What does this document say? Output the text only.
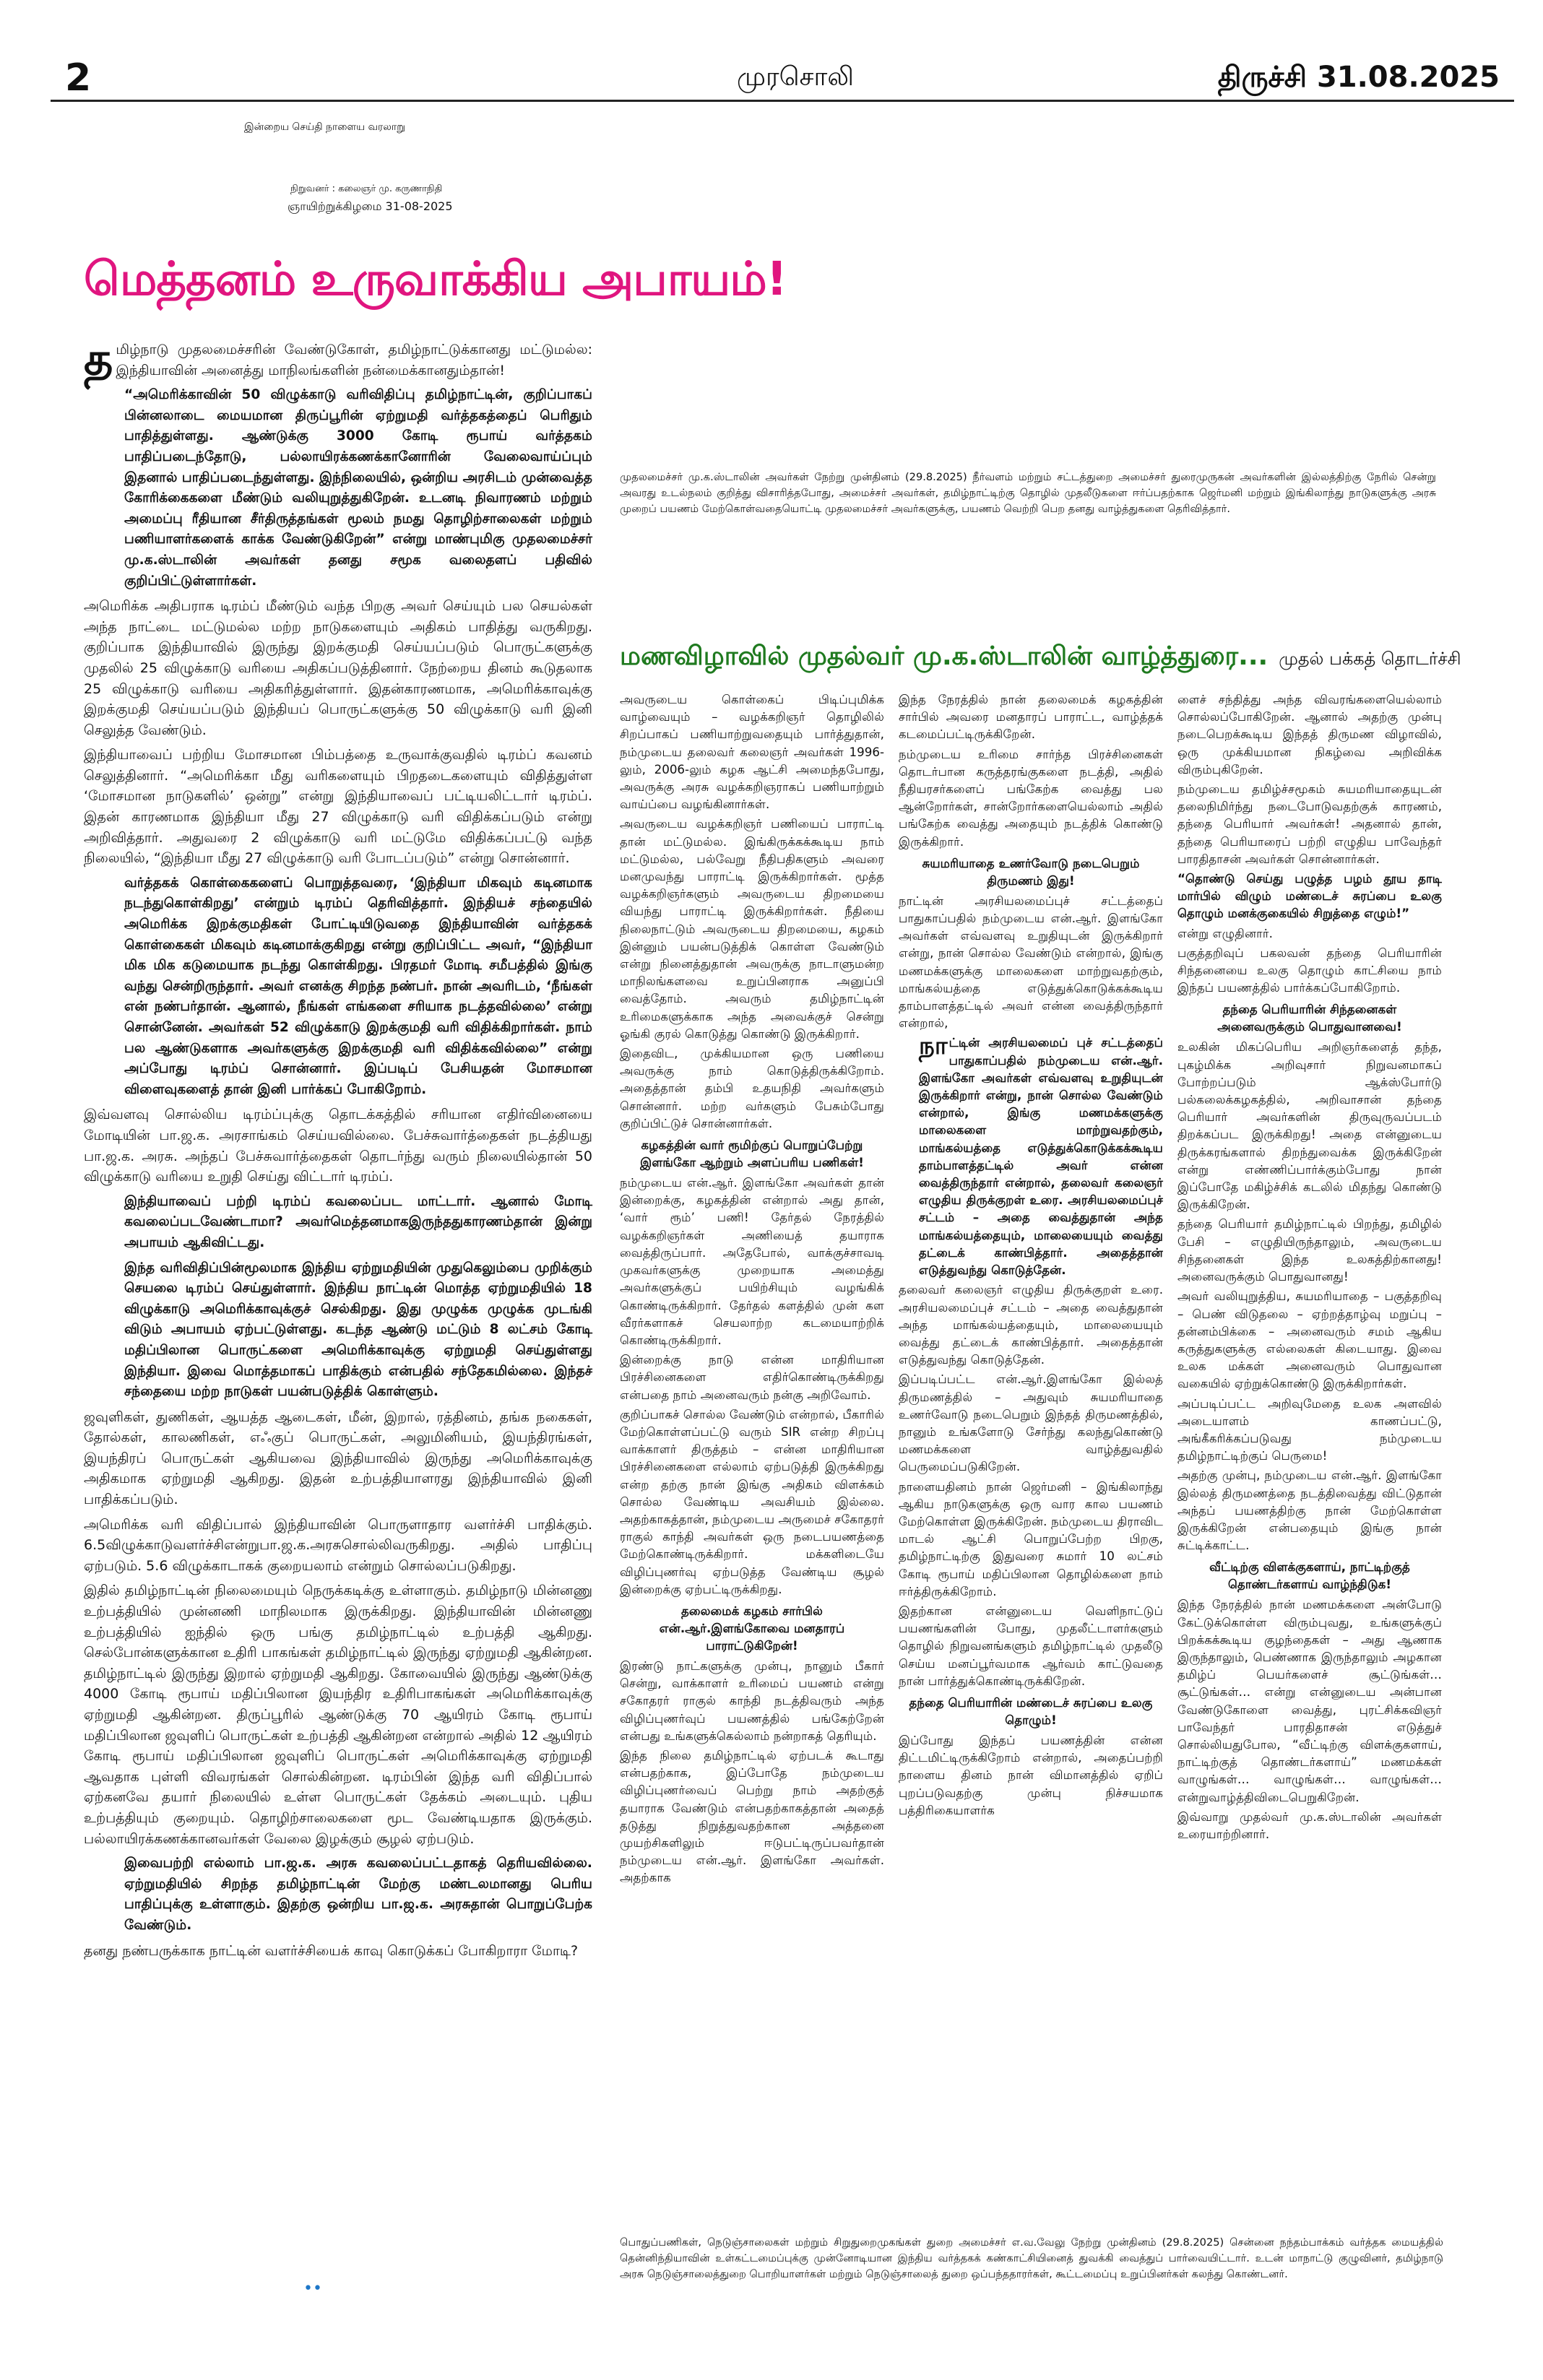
2	முரசொலி	திருச்சி 31.08.2025
இன்றைய செய்தி நாளைய வரலாறு
நிறுவனர் : கலைஞர் மு. கருணாநிதி
ஞாயிற்றுக்கிழமை 31-08-2025
மெத்தனம் உருவாக்கிய அபாயம்!

தமிழ்நாடு முதலமைச்சரின் வேண்டுகோள், தமிழ்நாட்டுக்கானது மட்டுமல்ல: இந்தியாவின் அனைத்து மாநிலங்களின் நன்மைக்கானதும்தான்!

“அமெரிக்காவின் 50 விழுக்காடு வரிவிதிப்பு தமிழ்நாட்டின், குறிப்பாகப் பின்னலாடை மையமான திருப்பூரின் ஏற்றுமதி வர்த்தகத்தைப் பெரிதும் பாதித்துள்ளது. ஆண்டுக்கு 3000 கோடி ரூபாய் வர்த்தகம் பாதிப்படைந்தோடு, பல்லாயிரக்கணக்கானோரின் வேலைவாய்ப்பும் இதனால் பாதிப்படைந்துள்ளது. இந்நிலையில், ஒன்றிய அரசிடம் முன்வைத்த கோரிக்கைகளை மீண்டும் வலியுறுத்துகிறேன். உடனடி நிவாரணம் மற்றும் அமைப்பு ரீதியான சீர்திருத்தங்கள் மூலம் நமது தொழிற்சாலைகள் மற்றும் பணியாளர்களைக் காக்க வேண்டுகிறேன்” என்று மாண்புமிகு முதலமைச்சர் மு.க.ஸ்டாலின் அவர்கள் தனது சமூக வலைதளப் பதிவில் குறிப்பிட்டுள்ளார்கள்.

அமெரிக்க அதிபராக டிரம்ப் மீண்டும் வந்த பிறகு அவர் செய்யும் பல செயல்கள் அந்த நாட்டை மட்டுமல்ல மற்ற நாடுகளையும் அதிகம் பாதித்து வருகிறது. குறிப்பாக இந்தியாவில் இருந்து இறக்குமதி செய்யப்படும் பொருட்களுக்கு முதலில் 25 விழுக்காடு வரியை அதிகப்படுத்தினார். நேற்றைய தினம் கூடுதலாக 25 விழுக்காடு வரியை அதிகரித்துள்ளார். இதன்காரணமாக, அமெரிக்காவுக்கு இறக்குமதி செய்யப்படும் இந்தியப் பொருட்களுக்கு 50 விழுக்காடு வரி இனி செலுத்த வேண்டும்.

இந்தியாவைப் பற்றிய மோசமான பிம்பத்தை உருவாக்குவதில் டிரம்ப் கவனம் செலுத்தினார். “அமெரிக்கா மீது வரிகளையும் பிறதடைகளையும் விதித்துள்ள ‘மோசமான நாடுகளில்’ ஒன்று” என்று இந்தியாவைப் பட்டியலிட்டார் டிரம்ப். இதன் காரணமாக இந்தியா மீது 27 விழுக்காடு வரி விதிக்கப்படும் என்று அறிவித்தார். அதுவரை 2 விழுக்காடு வரி மட்டுமே விதிக்கப்பட்டு வந்த நிலையில், “இந்தியா மீது 27 விழுக்காடு வரி போடப்படும்” என்று சொன்னார்.

வர்த்தகக் கொள்கைகளைப் பொறுத்தவரை, ‘இந்தியா மிகவும் கடினமாக நடந்துகொள்கிறது’ என்றும் டிரம்ப் தெரிவித்தார். இந்தியச் சந்தையில் அமெரிக்க இறக்குமதிகள் போட்டியிடுவதை இந்தியாவின் வர்த்தகக் கொள்கைகள் மிகவும் கடினமாக்குகிறது என்று குறிப்பிட்ட அவர், “இந்தியா மிக மிக கடுமையாக நடந்து கொள்கிறது. பிரதமர் மோடி சமீபத்தில் இங்கு வந்து சென்றிருந்தார். அவர் எனக்கு சிறந்த நண்பர். நான் அவரிடம், ‘நீங்கள் என் நண்பர்தான். ஆனால், நீங்கள் எங்களை சரியாக நடத்தவில்லை’ என்று சொன்னேன். அவர்கள் 52 விழுக்காடு இறக்குமதி வரி விதிக்கிறார்கள். நாம் பல ஆண்டுகளாக அவர்களுக்கு இறக்குமதி வரி விதிக்கவில்லை” என்று அப்போது டிரம்ப் சொன்னார். இப்படிப் பேசியதன் மோசமான விளைவுகளைத் தான் இனி பார்க்கப் போகிறோம்.

இவ்வளவு சொல்லிய டிரம்ப்புக்கு தொடக்கத்தில் சரியான எதிர்வினையை மோடியின் பா.ஜ.க. அரசாங்கம் செய்யவில்லை. பேச்சுவார்த்தைகள் நடத்தியது பா.ஜ.க. அரசு. அந்தப் பேச்சுவார்த்தைகள் தொடர்ந்து வரும் நிலையில்தான் 50 விழுக்காடு வரியை உறுதி செய்து விட்டார் டிரம்ப்.

இந்தியாவைப் பற்றி டிரம்ப் கவலைப்பட மாட்டார். ஆனால் மோடி கவலைப்படவேண்டாமா? அவர்மெத்தனமாகஇருந்ததுகாரணம்தான் இன்று அபாயம் ஆகிவிட்டது.

இந்த வரிவிதிப்பின்மூலமாக இந்திய ஏற்றுமதியின் முதுகெலும்பை முறிக்கும் செயலை டிரம்ப் செய்துள்ளார். இந்திய நாட்டின் மொத்த ஏற்றுமதியில் 18 விழுக்காடு அமெரிக்காவுக்குச் செல்கிறது. இது முழுக்க முழுக்க முடங்கி விடும் அபாயம் ஏற்பட்டுள்ளது. கடந்த ஆண்டு மட்டும் 8 லட்சம் கோடி மதிப்பிலான பொருட்களை அமெரிக்காவுக்கு ஏற்றுமதி செய்துள்ளது இந்தியா. இவை மொத்தமாகப் பாதிக்கும் என்பதில் சந்தேகமில்லை. இந்தச் சந்தையை மற்ற நாடுகள் பயன்படுத்திக் கொள்ளும்.

ஜவுளிகள், துணிகள், ஆயத்த ஆடைகள், மீன், இறால், ரத்தினம், தங்க நகைகள், தோல்கள், காலணிகள், எஃகுப் பொருட்கள், அலுமினியம், இயந்திரங்கள், இயந்திரப் பொருட்கள் ஆகியவை இந்தியாவில் இருந்து அமெரிக்காவுக்கு அதிகமாக ஏற்றுமதி ஆகிறது. இதன் உற்பத்தியாளரது இந்தியாவில் இனி பாதிக்கப்படும்.

அமெரிக்க வரி விதிப்பால் இந்தியாவின் பொருளாதார வளர்ச்சி பாதிக்கும். 6.5விழுக்காடுவளர்ச்சிஎன்றுபா.ஜ.க.அரசுசொல்லிவருகிறது. அதில் பாதிப்பு ஏற்படும். 5.6 விழுக்காடாகக் குறையலாம் என்றும் சொல்லப்படுகிறது.

இதில் தமிழ்நாட்டின் நிலைமையும் நெருக்கடிக்கு உள்ளாகும். தமிழ்நாடு மின்னணு உற்பத்தியில் முன்னணி மாநிலமாக இருக்கிறது. இந்தியாவின் மின்னணு உற்பத்தியில் ஐந்தில் ஒரு பங்கு தமிழ்நாட்டில் உற்பத்தி ஆகிறது. செல்போன்களுக்கான உதிரி பாகங்கள் தமிழ்நாட்டில் இருந்து ஏற்றுமதி ஆகின்றன. தமிழ்நாட்டில் இருந்து இறால் ஏற்றுமதி ஆகிறது. கோவையில் இருந்து ஆண்டுக்கு 4000 கோடி ரூபாய் மதிப்பிலான இயந்திர உதிரிபாகங்கள் அமெரிக்காவுக்கு ஏற்றுமதி ஆகின்றன. திருப்பூரில் ஆண்டுக்கு 70 ஆயிரம் கோடி ரூபாய் மதிப்பிலான ஜவுளிப் பொருட்கள் உற்பத்தி ஆகின்றன என்றால் அதில் 12 ஆயிரம் கோடி ரூபாய் மதிப்பிலான ஜவுளிப் பொருட்கள் அமெரிக்காவுக்கு ஏற்றுமதி ஆவதாக புள்ளி விவரங்கள் சொல்கின்றன. டிரம்பின் இந்த வரி விதிப்பால் ஏற்கனவே தயார் நிலையில் உள்ள பொருட்கள் தேக்கம் அடையும். புதிய உற்பத்தியும் குறையும். தொழிற்சாலைகளை மூட வேண்டியதாக இருக்கும். பல்லாயிரக்கணக்கானவர்கள் வேலை இழக்கும் சூழல் ஏற்படும்.

இவைபற்றி எல்லாம் பா.ஜ.க. அரசு கவலைப்பட்டதாகத் தெரியவில்லை. ஏற்றுமதியில் சிறந்த தமிழ்நாட்டின் மேற்கு மண்டலமானது பெரிய பாதிப்புக்கு உள்ளாகும். இதற்கு ஒன்றிய பா.ஜ.க. அரசுதான் பொறுப்பேற்க வேண்டும்.

தனது நண்பருக்காக நாட்டின் வளர்ச்சியைக் காவு கொடுக்கப் போகிறாரா மோடி?

••
முதலமைச்சர் மு.க.ஸ்டாலின் அவர்கள் நேற்று முன்தினம் (29.8.2025) நீர்வளம் மற்றும் சட்டத்துறை அமைச்சர் துரைமுருகன் அவர்களின் இல்லத்திற்கு நேரில் சென்று அவரது உடல்நலம் குறித்து விசாரித்தபோது, அமைச்சர் அவர்கள், தமிழ்நாட்டிற்கு தொழில் முதலீடுகளை ஈர்ப்பதற்காக ஜெர்மனி மற்றும் இங்கிலாந்து நாடுகளுக்கு அரசு முறைப் பயணம் மேற்கொள்வதையொட்டி முதலமைச்சர் அவர்களுக்கு, பயணம் வெற்றி பெற தனது வாழ்த்துகளை தெரிவித்தார்.
மணவிழாவில் முதல்வர் மு.க.ஸ்டாலின் வாழ்த்துரை... முதல் பக்கத் தொடர்ச்சி

அவருடைய கொள்கைப் பிடிப்புமிக்க வாழ்வையும் – வழக்கறிஞர் தொழிலில் சிறப்பாகப் பணியாற்றுவதையும் பார்த்துதான், நம்முடைய தலைவர் கலைஞர் அவர்கள் 1996-லும், 2006-லும் கழக ஆட்சி அமைந்தபோது, அவருக்கு அரசு வழக்கறிஞராகப் பணியாற்றும் வாய்ப்பை வழங்கினார்கள்.

அவருடைய வழக்கறிஞர் பணியைப் பாராட்டி தான் மட்டுமல்ல. இங்கிருக்கக்கூடிய நாம் மட்டுமல்ல, பல்வேறு நீதிபதிகளும் அவரை மனமுவந்து பாராட்டி இருக்கிறார்கள். மூத்த வழக்கறிஞர்களும் அவருடைய திறமையை வியந்து பாராட்டி இருக்கிறார்கள். நீதியை நிலைநாட்டும் அவருடைய திறமையை, கழகம் இன்னும் பயன்படுத்திக் கொள்ள வேண்டும் என்று நினைத்துதான் அவருக்கு நாடாளுமன்ற மாநிலங்களவை உறுப்பினராக அனுப்பி வைத்தோம். அவரும் தமிழ்நாட்டின் உரிமைகளுக்காக அந்த அவைக்குச் சென்று ஓங்கி குரல் கொடுத்து கொண்டு இருக்கிறார்.

இதைவிட, முக்கியமான ஒரு பணியை அவருக்கு நாம் கொடுத்திருக்கிறோம். அதைத்தான் தம்பி உதயநிதி அவர்களும் சொன்னார். மற்ற வர்களும் பேசும்போது குறிப்பிட்டுச் சொன்னார்கள்.

கழகத்தின் வார் ரூமிற்குப் பொறுப்பேற்று இளங்கோ ஆற்றும் அளப்பரிய பணிகள்!

நம்முடைய என்.ஆர். இளங்கோ அவர்கள் தான் இன்றைக்கு, கழகத்தின் என்றால் அது தான், ‘வார் ரூம்’ பணி! தேர்தல் நேரத்தில் வழக்கறிஞர்கள் அணியைத் தயாராக வைத்திருப்பார். அதேபோல், வாக்குச்சாவடி முகவர்களுக்கு முறையாக அமைத்து அவர்களுக்குப் பயிற்சியும் வழங்கிக் கொண்டிருக்கிறார். தேர்தல் களத்தில் முன் கள வீரர்களாகச் செயலாற்ற கடமையாற்றிக் கொண்டிருக்கிறார்.

இன்றைக்கு நாடு என்ன மாதிரியான பிரச்சினைகளை எதிர்கொண்டிருக்கிறது என்பதை நாம் அனைவரும் நன்கு அறிவோம்.

குறிப்பாகச் சொல்ல வேண்டும் என்றால், பீகாரில் மேற்கொள்ளப்பட்டு வரும் SIR என்ற சிறப்பு வாக்காளர் திருத்தம் – என்ன மாதிரியான பிரச்சினைகளை எல்லாம் ஏற்படுத்தி இருக்கிறது என்ற தற்கு நான் இங்கு அதிகம் விளக்கம் சொல்ல வேண்டிய அவசியம் இல்லை. அதற்காகத்தான், நம்முடைய அருமைச் சகோதரர் ராகுல் காந்தி அவர்கள் ஒரு நடைபயணத்தை மேற்கொண்டிருக்கிறார். மக்களிடையே விழிப்புணர்வு ஏற்படுத்த வேண்டிய சூழல் இன்றைக்கு ஏற்பட்டிருக்கிறது.

தலைமைக் கழகம் சார்பில் என்.ஆர்.இளங்கோவை மனதாரப் பாராட்டுகிறேன்!

இரண்டு நாட்களுக்கு முன்பு, நானும் பீகார் சென்று, வாக்காளர் உரிமைப் பயணம் என்று சகோதரர் ராகுல் காந்தி நடத்திவரும் அந்த விழிப்புணர்வுப் பயணத்தில் பங்கேற்றேன் என்பது உங்களுக்கெல்லாம் நன்றாகத் தெரியும்.

இந்த நிலை தமிழ்நாட்டில் ஏற்படக் கூடாது என்பதற்காக, இப்போதே நம்முடைய விழிப்புணர்வைப் பெற்று நாம் அதற்குத் தயாராக வேண்டும் என்பதற்காகத்தான் அதைத் தடுத்து நிறுத்துவதற்கான அத்தனை முயற்சிகளிலும் ஈடுபட்டிருப்பவர்தான் நம்முடைய என்.ஆர். இளங்கோ அவர்கள். அதற்காக

இந்த நேரத்தில் நான் தலைமைக் கழகத்தின் சார்பில் அவரை மனதாரப் பாராட்ட, வாழ்த்தக் கடமைப்பட்டிருக்கிறேன்.

நம்முடைய உரிமை சார்ந்த பிரச்சினைகள் தொடர்பான கருத்தரங்குகளை நடத்தி, அதில் நீதியரசர்களைப் பங்கேற்க வைத்து பல ஆன்றோர்கள், சான்றோர்களையெல்லாம் அதில் பங்கேற்க வைத்து அதையும் நடத்திக் கொண்டு இருக்கிறார்.

சுயமரியாதை உணர்வோடு நடைபெறும் திருமணம் இது!

நாட்டின் அரசியலமைப்புச் சட்டத்தைப் பாதுகாப்பதில் நம்முடைய என்.ஆர். இளங்கோ அவர்கள் எவ்வளவு உறுதியுடன் இருக்கிறார் என்று, நான் சொல்ல வேண்டும் என்றால், இங்கு மணமக்களுக்கு மாலைகளை மாற்றுவதற்கும், மாங்கல்யத்தை எடுத்துக்கொடுக்கக்கூடிய தாம்பாளத்தட்டில் அவர் என்ன வைத்திருந்தார் என்றால்,

நாட்டின் அரசியலமைப் புச் சட்டத்தைப் பாதுகாப்பதில் நம்முடைய என்.ஆர். இளங்கோ அவர்கள் எவ்வளவு உறுதியுடன் இருக்கிறார் என்று, நான் சொல்ல வேண்டும் என்றால், இங்கு மணமக்களுக்கு மாலைகளை மாற்றுவதற்கும், மாங்கல்யத்தை எடுத்துக்கொடுக்கக்கூடிய தாம்பாளத்தட்டில் அவர் என்ன வைத்திருந்தார் என்றால், தலைவர் கலைஞர் எழுதிய திருக்குறள் உரை. அரசியலமைப்புச் சட்டம் – அதை வைத்துதான் அந்த மாங்கல்யத்தையும், மாலையையும் வைத்து தட்டைக் காண்பித்தார். அதைத்தான் எடுத்துவந்து கொடுத்தேன்.

தலைவர் கலைஞர் எழுதிய திருக்குறள் உரை. அரசியலமைப்புச் சட்டம் – அதை வைத்துதான் அந்த மாங்கல்யத்தையும், மாலையையும் வைத்து தட்டைக் காண்பித்தார். அதைத்தான் எடுத்துவந்து கொடுத்தேன்.

இப்படிப்பட்ட என்.ஆர்.இளங்கோ இல்லத் திருமணத்தில் – அதுவும் சுயமரியாதை உணர்வோடு நடைபெறும் இந்தத் திருமணத்தில், நானும் உங்களோடு சேர்ந்து கலந்துகொண்டு மணமக்களை வாழ்த்துவதில் பெருமைப்படுகிறேன்.

நாளையதினம் நான் ஜெர்மனி – இங்கிலாந்து ஆகிய நாடுகளுக்கு ஒரு வார கால பயணம் மேற்கொள்ள இருக்கிறேன். நம்முடைய திராவிட மாடல் ஆட்சி பொறுப்பேற்ற பிறகு, தமிழ்நாட்டிற்கு இதுவரை சுமார் 10 லட்சம் கோடி ரூபாய் மதிப்பிலான தொழில்களை நாம் ஈர்த்திருக்கிறோம்.

இதற்கான என்னுடைய வெளிநாட்டுப் பயணங்களின் போது, முதலீட்டாளர்களும் தொழில் நிறுவனங்களும் தமிழ்நாட்டில் முதலீடு செய்ய மனப்பூர்வமாக ஆர்வம் காட்டுவதை நான் பார்த்துக்கொண்டிருக்கிறேன்.

தந்தை பெரியாரின் மண்டைச் சுரப்பை உலகு தொழும்!

இப்போது இந்தப் பயணத்தின் என்ன திட்டமிட்டிருக்கிறோம் என்றால், அதைப்பற்றி நாளைய தினம் நான் விமானத்தில் ஏறிப் புறப்படுவதற்கு முன்பு நிச்சயமாக பத்திரிகையாளர்க

ளைச் சந்தித்து அந்த விவரங்களையெல்லாம் சொல்லப்போகிறேன். ஆனால் அதற்கு முன்பு நடைபெறக்கூடிய இந்தத் திருமண விழாவில், ஒரு முக்கியமான நிகழ்வை அறிவிக்க விரும்புகிறேன்.

நம்முடைய தமிழ்ச்சமூகம் சுயமரியாதையுடன் தலைநிமிர்ந்து நடைபோடுவதற்குக் காரணம், தந்தை பெரியார் அவர்கள்! அதனால் தான், தந்தை பெரியாரைப் பற்றி எழுதிய பாவேந்தர் பாரதிதாசன் அவர்கள் சொன்னார்கள்.

“தொண்டு செய்து பழுத்த பழம் தூய தாடி மார்பில் விழும் மண்டைச் சுரப்பை உலகு தொழும் மனக்குகையில் சிறுத்தை எழும்!”

என்று எழுதினார்.

பகுத்தறிவுப் பகலவன் தந்தை பெரியாரின் சிந்தனையை உலகு தொழும் காட்சியை நாம் இந்தப் பயணத்தில் பார்க்கப்போகிறோம்.

தந்தை பெரியாரின் சிந்தனைகள் அனைவருக்கும் பொதுவானவை!

உலகின் மிகப்பெரிய அறிஞர்களைத் தந்த, புகழ்மிக்க அறிவுசார் நிறுவனமாகப் போற்றப்படும் ஆக்ஸ்போர்டு பல்கலைக்கழகத்தில், அறிவாசான் தந்தை பெரியார் அவர்களின் திருவுருவப்படம் திறக்கப்பட இருக்கிறது! அதை என்னுடைய திருக்கரங்களால் திறந்துவைக்க இருக்கிறேன் என்று எண்ணிப்பார்க்கும்போது நான் இப்போதே மகிழ்ச்சிக் கடலில் மிதந்து கொண்டு இருக்கிறேன்.

தந்தை பெரியார் தமிழ்நாட்டில் பிறந்து, தமிழில் பேசி – எழுதியிருந்தாலும், அவருடைய சிந்தனைகள் இந்த உலகத்திற்கானது! அனைவருக்கும் பொதுவானது!

அவர் வலியுறுத்திய, சுயமரியாதை – பகுத்தறிவு – பெண் விடுதலை – ஏற்றத்தாழ்வு மறுப்பு – தன்னம்பிக்கை – அனைவரும் சமம் ஆகிய கருத்துகளுக்கு எல்லைகள் கிடையாது. இவை உலக மக்கள் அனைவரும் பொதுவான வகையில் ஏற்றுக்கொண்டு இருக்கிறார்கள்.

அப்படிப்பட்ட அறிவுமேதை உலக அளவில் அடையாளம் காணப்பட்டு, அங்கீகரிக்கப்படுவது நம்முடைய தமிழ்நாட்டிற்குப் பெருமை!

அதற்கு முன்பு, நம்முடைய என்.ஆர். இளங்கோ இல்லத் திருமணத்தை நடத்திவைத்து விட்டுதான் அந்தப் பயணத்திற்கு நான் மேற்கொள்ள இருக்கிறேன் என்பதையும் இங்கு நான் சுட்டிக்காட்ட.

வீட்டிற்கு விளக்குகளாய், நாட்டிற்குத் தொண்டர்களாய் வாழ்ந்திடுக!

இந்த நேரத்தில் நான் மணமக்களை அன்போடு கேட்டுக்கொள்ள விரும்புவது, உங்களுக்குப் பிறக்கக்கூடிய குழந்தைகள் – அது ஆணாக இருந்தாலும், பெண்ணாக இருந்தாலும் அழகான தமிழ்ப் பெயர்களைச் சூட்டுங்கள்… சூட்டுங்கள்… என்று என்னுடைய அன்பான வேண்டுகோளை வைத்து, புரட்சிக்கவிஞர் பாவேந்தர் பாரதிதாசன் எடுத்துச் சொல்லியதுபோல, “வீட்டிற்கு விளக்குகளாய், நாட்டிற்குத் தொண்டர்களாய்” மணமக்கள் வாழுங்கள்… வாழுங்கள்… வாழுங்கள்… என்றுவாழ்த்திவிடைபெறுகிறேன்.

இவ்வாறு முதல்வர் மு.க.ஸ்டாலின் அவர்கள் உரையாற்றினார்.

பொதுப்பணிகள், நெடுஞ்சாலைகள் மற்றும் சிறுதுறைமுகங்கள் துறை அமைச்சர் எ.வ.வேலு நேற்று முன்தினம் (29.8.2025) சென்னை நந்தம்பாக்கம் வர்த்தக மையத்தில் தென்னிந்தியாவின் உள்கட்டமைப்புக்கு முன்னோடியான இந்திய வர்த்தகக் கண்காட்சியினைத் துவக்கி வைத்துப் பார்வையிட்டார். உடன் மாநாட்டு குழுவினர், தமிழ்நாடு அரசு நெடுஞ்சாலைத்துறை பொறியாளர்கள் மற்றும் நெடுஞ்சாலைத் துறை ஒப்பந்ததாரர்கள், கூட்டமைப்பு உறுப்பினர்கள் கலந்து கொண்டனர்.
